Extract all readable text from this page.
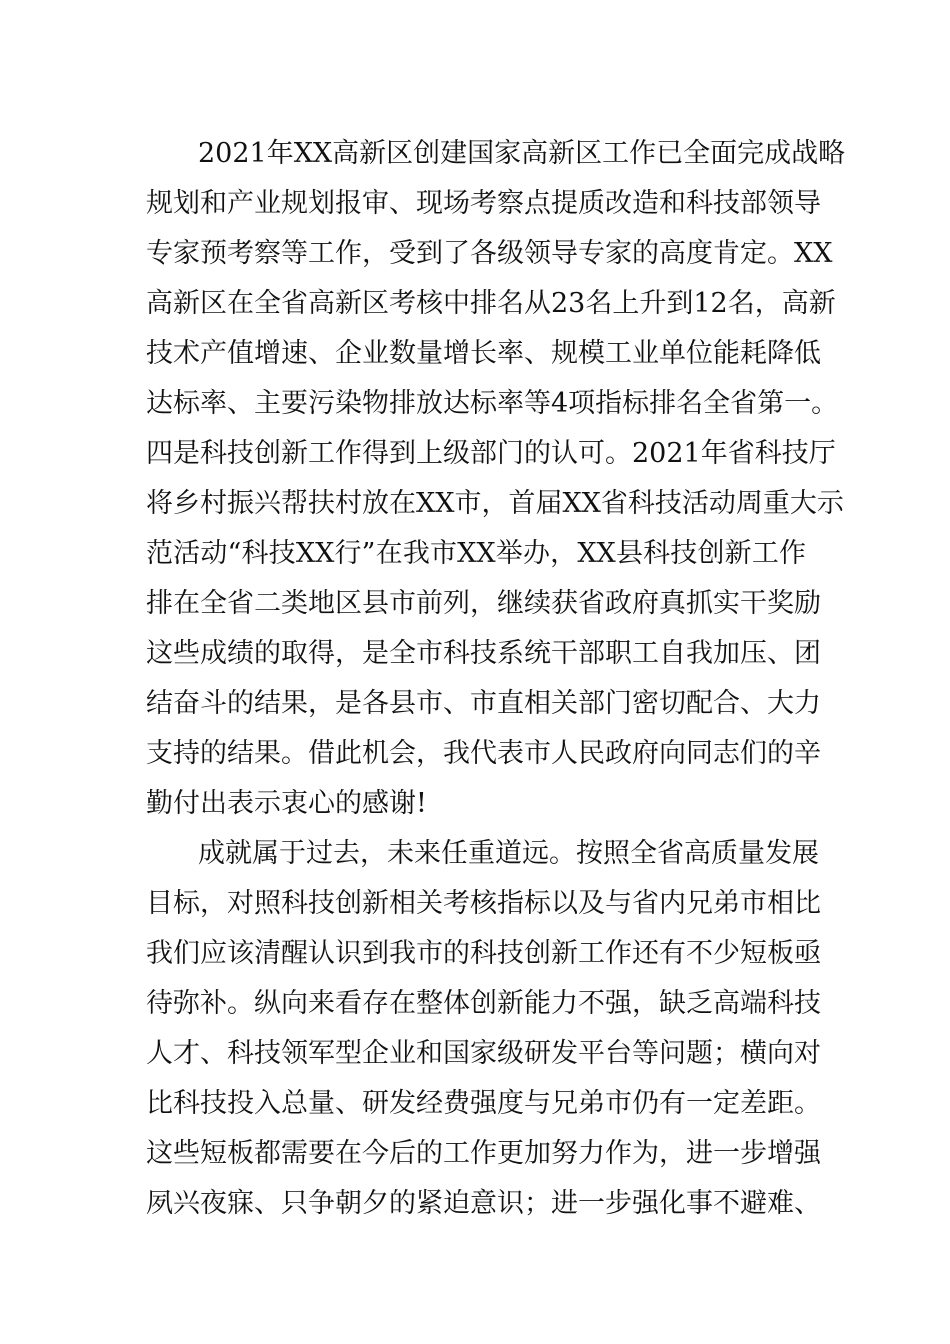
2021年XX高新区创建国家高新区工作已全面完成战略
规划和产业规划报审、现场考察点提质改造和科技部领导
专家预考察等工作，受到了各级领导专家的高度肯定。XX
高新区在全省高新区考核中排名从23名上升到12名，高新
技术产值增速、企业数量增长率、规模工业单位能耗降低
达标率、主要污染物排放达标率等4项指标排名全省第一。
四是科技创新工作得到上级部门的认可。2021年省科技厅
将乡村振兴帮扶村放在XX市，首届XX省科技活动周重大示
范活动“科技XX行”在我市XX举办，XX县科技创新工作
排在全省二类地区县市前列，继续获省政府真抓实干奖励
这些成绩的取得，是全市科技系统干部职工自我加压、团
结奋斗的结果，是各县市、市直相关部门密切配合、大力
支持的结果。借此机会，我代表市人民政府向同志们的辛
勤付出表示衷心的感谢!
成就属于过去，未来任重道远。按照全省高质量发展
目标，对照科技创新相关考核指标以及与省内兄弟市相比
我们应该清醒认识到我市的科技创新工作还有不少短板亟
待弥补。纵向来看存在整体创新能力不强，缺乏高端科技
人才、科技领军型企业和国家级研发平台等问题；横向对
比科技投入总量、研发经费强度与兄弟市仍有一定差距。
这些短板都需要在今后的工作更加努力作为，进一步增强
夙兴夜寐、只争朝夕的紧迫意识；进一步强化事不避难、
